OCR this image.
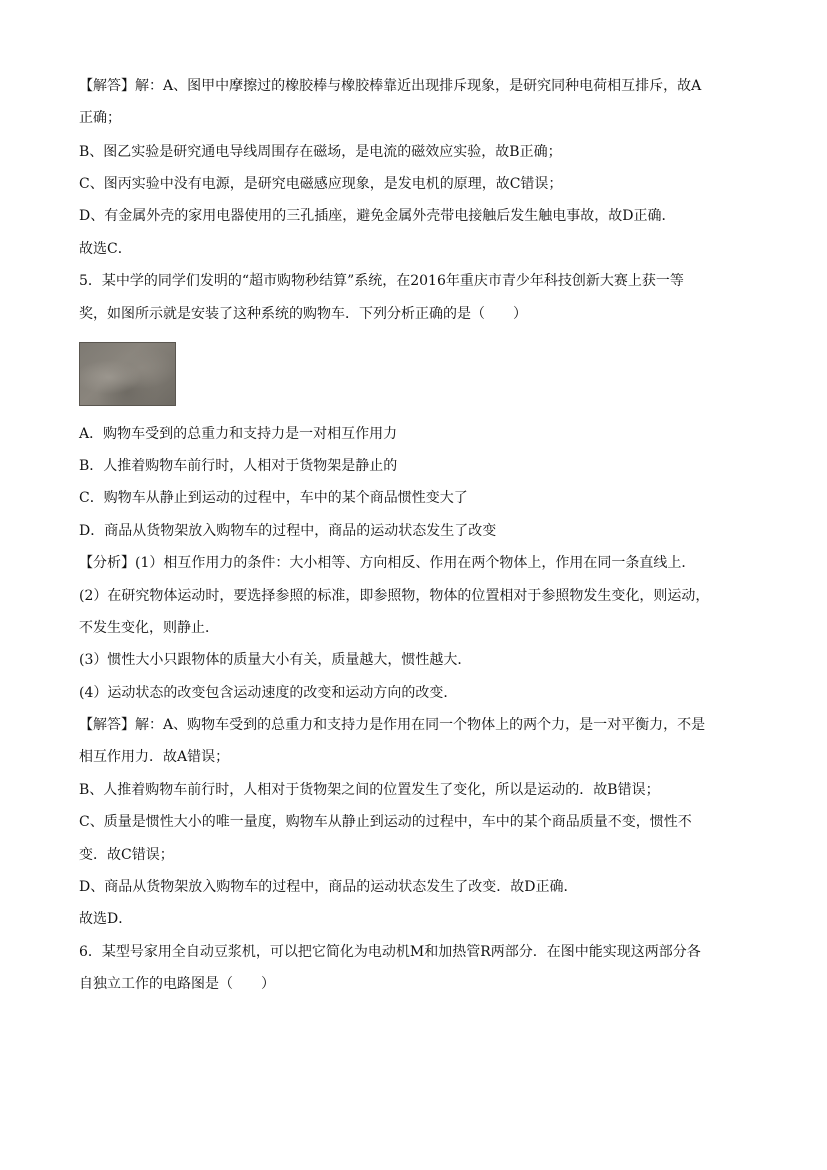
【解答】解：A、图甲中摩擦过的橡胶棒与橡胶棒靠近出现排斥现象，是研究同种电荷相互排斥，故A
正确；
B、图乙实验是研究通电导线周围存在磁场，是电流的磁效应实验，故B正确；
C、图丙实验中没有电源，是研究电磁感应现象，是发电机的原理，故C错误；
D、有金属外壳的家用电器使用的三孔插座，避免金属外壳带电接触后发生触电事故，故D正确．
故选C．
5．某中学的同学们发明的“超市购物秒结算”系统，在2016年重庆市青少年科技创新大赛上获一等
奖，如图所示就是安装了这种系统的购物车．下列分析正确的是（　　）
A．购物车受到的总重力和支持力是一对相互作用力
B．人推着购物车前行时，人相对于货物架是静止的
C．购物车从静止到运动的过程中，车中的某个商品惯性变大了
D．商品从货物架放入购物车的过程中，商品的运动状态发生了改变
【分析】(1）相互作用力的条件：大小相等、方向相反、作用在两个物体上，作用在同一条直线上．
(2）在研究物体运动时，要选择参照的标准，即参照物，物体的位置相对于参照物发生变化，则运动，
不发生变化，则静止．
(3）惯性大小只跟物体的质量大小有关，质量越大，惯性越大．
(4）运动状态的改变包含运动速度的改变和运动方向的改变．
【解答】解：A、购物车受到的总重力和支持力是作用在同一个物体上的两个力，是一对平衡力，不是
相互作用力．故A错误；
B、人推着购物车前行时，人相对于货物架之间的位置发生了变化，所以是运动的．故B错误；
C、质量是惯性大小的唯一量度，购物车从静止到运动的过程中，车中的某个商品质量不变，惯性不
变．故C错误；
D、商品从货物架放入购物车的过程中，商品的运动状态发生了改变．故D正确．
故选D．
6．某型号家用全自动豆浆机，可以把它简化为电动机M和加热管R两部分．在图中能实现这两部分各
自独立工作的电路图是（　　）
